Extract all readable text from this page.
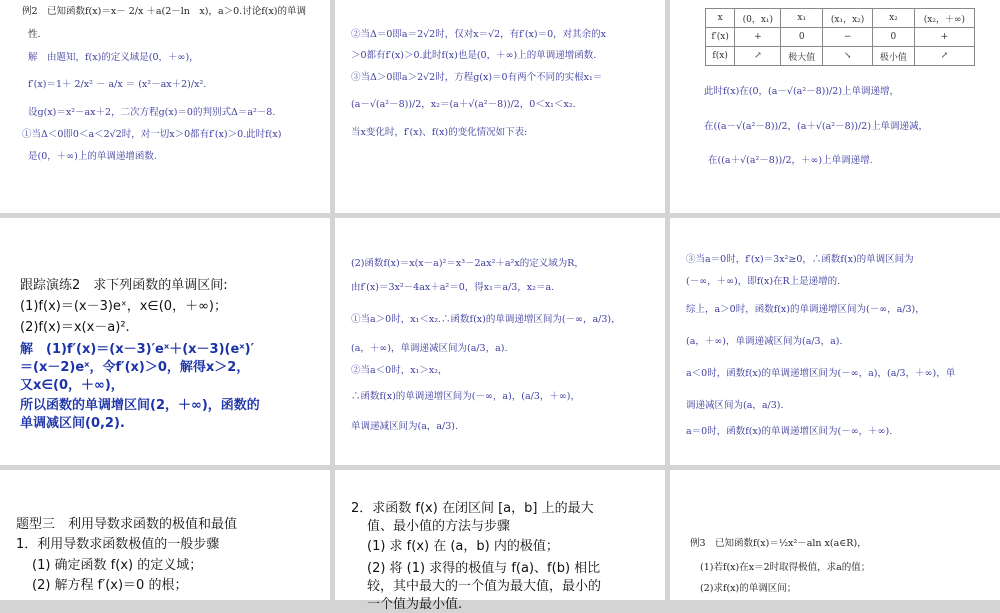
例2　已知函数f(x)＝x－ 2/x ＋a(2－ln　x)，a＞0.讨论f(x)的单调
性.
解　由题知，f(x)的定义域是(0，＋∞)，
f′(x)＝1＋ 2/x² － a/x ＝ (x²－ax＋2)/x².
设g(x)＝x²－ax＋2，二次方程g(x)＝0的判别式Δ＝a²－8.
①当Δ＜0即0＜a＜2√2时，对一切x＞0都有f′(x)＞0.此时f(x)
是(0，＋∞)上的单调递增函数.
②当Δ＝0即a＝2√2时，仅对x＝√2，有f′(x)＝0，对其余的x
＞0都有f′(x)＞0.此时f(x)也是(0，＋∞)上的单调递增函数.
③当Δ＞0即a＞2√2时，方程g(x)＝0有两个不同的实根x₁＝
(a－√(a²－8))/2，x₂＝(a＋√(a²－8))/2，0＜x₁＜x₂.
当x变化时，f′(x)、f(x)的变化情况如下表:
x	(0，x₁)	x₁	(x₁，x₂)	x₂	(x₂，＋∞)
f′(x)	+	0	−	0	+
f(x)	↗	极大值	↘	极小值	↗
此时f(x)在(0，(a－√(a²－8))/2)上单调递增，
在((a－√(a²－8))/2，(a＋√(a²－8))/2)上单调递减，
在((a＋√(a²－8))/2，＋∞)上单调递增.
跟踪演练2　求下列函数的单调区间:
(1)f(x)＝(x－3)eˣ，x∈(0，＋∞)；
(2)f(x)＝x(x－a)².
解　(1)f′(x)＝(x－3)′eˣ＋(x－3)(eˣ)′
＝(x－2)eˣ，令f′(x)＞0，解得x＞2，
又x∈(0，＋∞)，
所以函数的单调增区间(2，＋∞)，函数的
单调减区间(0,2).
(2)函数f(x)＝x(x－a)²＝x³－2ax²＋a²x的定义域为R，
由f′(x)＝3x²－4ax＋a²＝0，得x₁＝a/3，x₂＝a.
①当a＞0时，x₁＜x₂.∴函数f(x)的单调递增区间为(－∞，a/3)，
(a，＋∞)，单调递减区间为(a/3，a).
②当a＜0时，x₁＞x₂，
∴函数f(x)的单调递增区间为(－∞，a)，(a/3，＋∞)，
单调递减区间为(a，a/3).
③当a＝0时，f′(x)＝3x²≥0，∴函数f(x)的单调区间为
(－∞，＋∞)，即f(x)在R上是递增的.
综上，a＞0时，函数f(x)的单调递增区间为(－∞，a/3)，
(a，＋∞)，单调递减区间为(a/3，a).
a＜0时，函数f(x)的单调递增区间为(－∞，a)，(a/3，＋∞)，单
调递减区间为(a，a/3).
a＝0时，函数f(x)的单调递增区间为(－∞，＋∞).
题型三　利用导数求函数的极值和最值
1．利用导数求函数极值的一般步骤
(1) 确定函数 f(x) 的定义域；
(2) 解方程 f′(x)＝0 的根；
2．求函数 f(x) 在闭区间 [a，b] 上的最大
值、最小值的方法与步骤
(1) 求 f(x) 在 (a，b) 内的极值；
(2) 将 (1) 求得的极值与 f(a)、f(b) 相比
较，其中最大的一个值为最大值，最小的
一个值为最小值.
例3　已知函数f(x)＝½x²－aln x(a∈R)，
(1)若f(x)在x＝2时取得极值，求a的值；
(2)求f(x)的单调区间；
